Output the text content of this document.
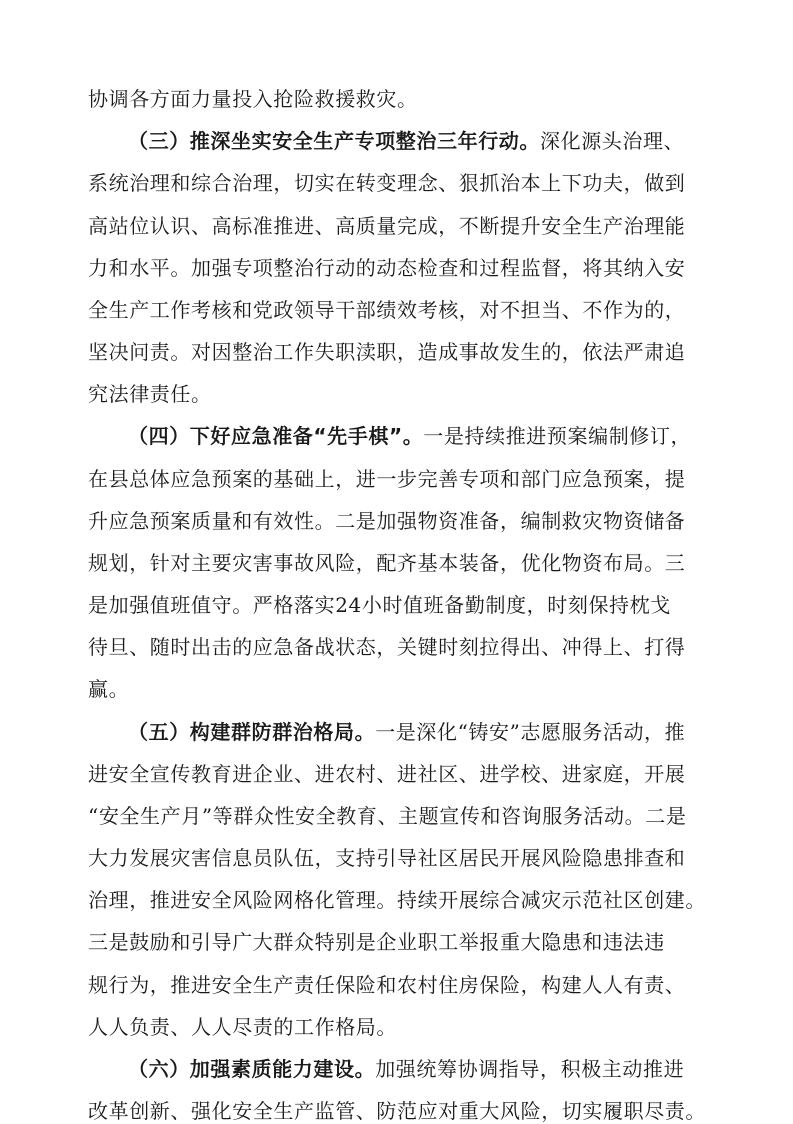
协调各方面力量投入抢险救援救灾。
（三）推深坐实安全生产专项整治三年行动。深化源头治理、
系统治理和综合治理，切实在转变理念、狠抓治本上下功夫，做到
高站位认识、高标准推进、高质量完成，不断提升安全生产治理能
力和水平。加强专项整治行动的动态检查和过程监督，将其纳入安
全生产工作考核和党政领导干部绩效考核，对不担当、不作为的，
坚决问责。对因整治工作失职渎职，造成事故发生的，依法严肃追
究法律责任。
（四）下好应急准备“先手棋”。一是持续推进预案编制修订，
在县总体应急预案的基础上，进一步完善专项和部门应急预案，提
升应急预案质量和有效性。二是加强物资准备，编制救灾物资储备
规划，针对主要灾害事故风险，配齐基本装备，优化物资布局。三
是加强值班值守。严格落实24小时值班备勤制度，时刻保持枕戈
待旦、随时出击的应急备战状态，关键时刻拉得出、冲得上、打得
赢。
（五）构建群防群治格局。一是深化“铸安”志愿服务活动，推
进安全宣传教育进企业、进农村、进社区、进学校、进家庭，开展
“安全生产月”等群众性安全教育、主题宣传和咨询服务活动。二是
大力发展灾害信息员队伍，支持引导社区居民开展风险隐患排查和
治理，推进安全风险网格化管理。持续开展综合减灾示范社区创建。
三是鼓励和引导广大群众特别是企业职工举报重大隐患和违法违
规行为，推进安全生产责任保险和农村住房保险，构建人人有责、
人人负责、人人尽责的工作格局。
（六）加强素质能力建设。加强统筹协调指导，积极主动推进
改革创新、强化安全生产监管、防范应对重大风险，切实履职尽责。
